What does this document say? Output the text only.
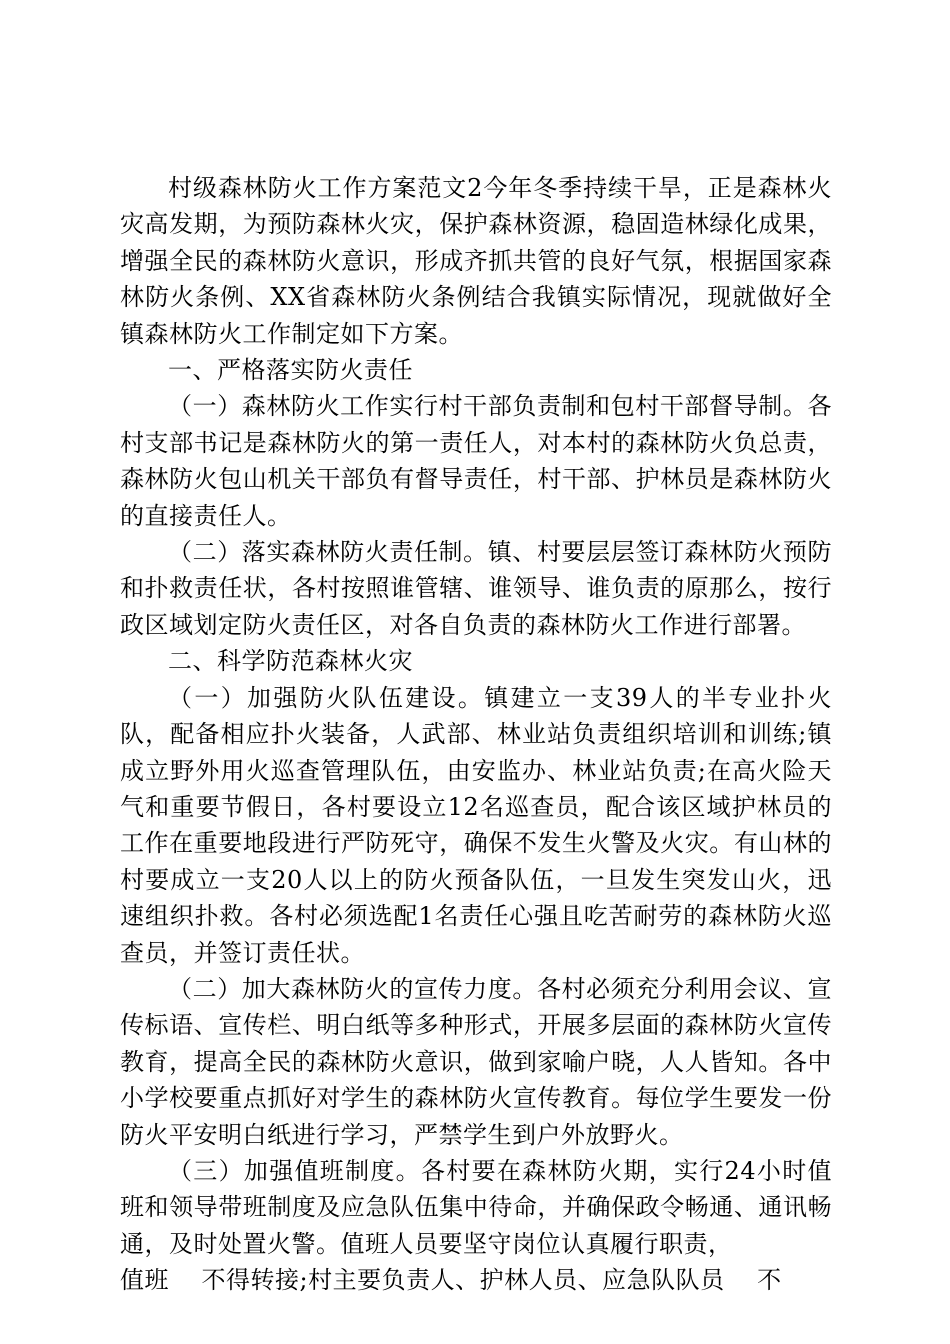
村级森林防火工作方案范文2今年冬季持续干旱，正是森林火灾高发期，为预防森林火灾，保护森林资源，稳固造林绿化成果，增强全民的森林防火意识，形成齐抓共管的良好气氛，根据国家森林防火条例、XX省森林防火条例结合我镇实际情况，现就做好全镇森林防火工作制定如下方案。

一、严格落实防火责任

（一）森林防火工作实行村干部负责制和包村干部督导制。各村支部书记是森林防火的第一责任人，对本村的森林防火负总责，森林防火包山机关干部负有督导责任，村干部、护林员是森林防火的直接责任人。

（二）落实森林防火责任制。镇、村要层层签订森林防火预防和扑救责任状，各村按照谁管辖、谁领导、谁负责的原那么，按行政区域划定防火责任区，对各自负责的森林防火工作进行部署。

二、科学防范森林火灾

（一）加强防火队伍建设。镇建立一支39人的半专业扑火队，配备相应扑火装备，人武部、林业站负责组织培训和训练;镇成立野外用火巡查管理队伍，由安监办、林业站负责;在高火险天气和重要节假日，各村要设立12名巡查员，配合该区域护林员的工作在重要地段进行严防死守，确保不发生火警及火灾。有山林的村要成立一支20人以上的防火预备队伍，一旦发生突发山火，迅速组织扑救。各村必须选配1名责任心强且吃苦耐劳的森林防火巡查员，并签订责任状。

（二）加大森林防火的宣传力度。各村必须充分利用会议、宣传标语、宣传栏、明白纸等多种形式，开展多层面的森林防火宣传教育，提高全民的森林防火意识，做到家喻户晓，人人皆知。各中小学校要重点抓好对学生的森林防火宣传教育。每位学生要发一份防火平安明白纸进行学习，严禁学生到户外放野火。

（三）加强值班制度。各村要在森林防火期，实行24小时值班和领导带班制度及应急队伍集中待命，并确保政令畅通、通讯畅通，及时处置火警。值班人员要坚守岗位认真履行职责，

值班    不得转接;村主要负责人、护林人员、应急队队员    不
